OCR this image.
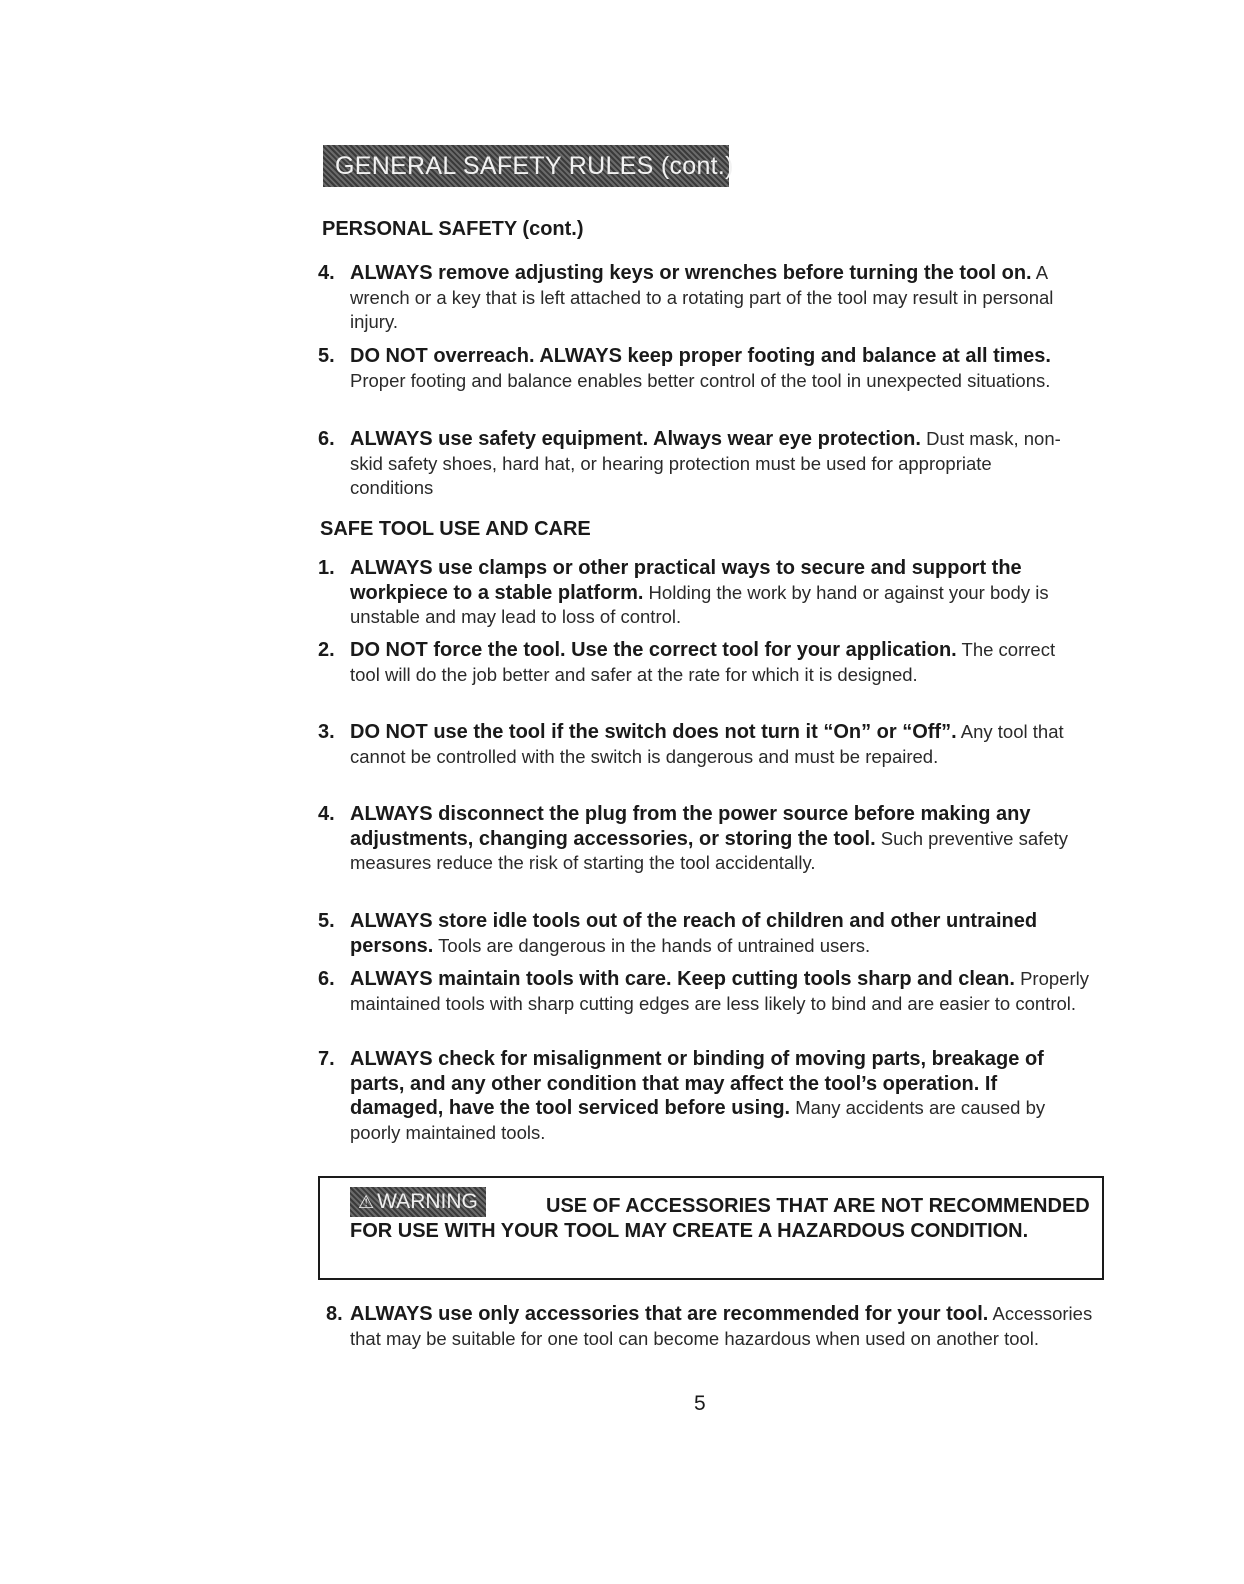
GENERAL SAFETY RULES (cont.)
PERSONAL SAFETY (cont.)
4. ALWAYS remove adjusting keys or wrenches before turning the tool on. A wrench or a key that is left attached to a rotating part of the tool may result in personal injury.
5. DO NOT overreach. ALWAYS keep proper footing and balance at all times. Proper footing and balance enables better control of the tool in unexpected situations.
6. ALWAYS use safety equipment. Always wear eye protection. Dust mask, non-skid safety shoes, hard hat, or hearing protection must be used for appropriate conditions
SAFE TOOL USE AND CARE
1. ALWAYS use clamps or other practical ways to secure and support the workpiece to a stable platform. Holding the work by hand or against your body is unstable and may lead to loss of control.
2. DO NOT force the tool. Use the correct tool for your application. The correct tool will do the job better and safer at the rate for which it is designed.
3. DO NOT use the tool if the switch does not turn it “On” or “Off”. Any tool that cannot be controlled with the switch is dangerous and must be repaired.
4. ALWAYS disconnect the plug from the power source before making any adjustments, changing accessories, or storing the tool. Such preventive safety measures reduce the risk of starting the tool accidentally.
5. ALWAYS store idle tools out of the reach of children and other untrained persons. Tools are dangerous in the hands of untrained users.
6. ALWAYS maintain tools with care. Keep cutting tools sharp and clean. Properly maintained tools with sharp cutting edges are less likely to bind and are easier to control.
7. ALWAYS check for misalignment or binding of moving parts, breakage of parts, and any other condition that may affect the tool’s operation. If damaged, have the tool serviced before using. Many accidents are caused by poorly maintained tools.
USE OF ACCESSORIES THAT ARE NOT RECOMMENDED FOR USE WITH YOUR TOOL MAY CREATE A HAZARDOUS CONDITION.
⚠ WARNING
8. ALWAYS use only accessories that are recommended for your tool. Accessories that may be suitable for one tool can become hazardous when used on another tool.
5
